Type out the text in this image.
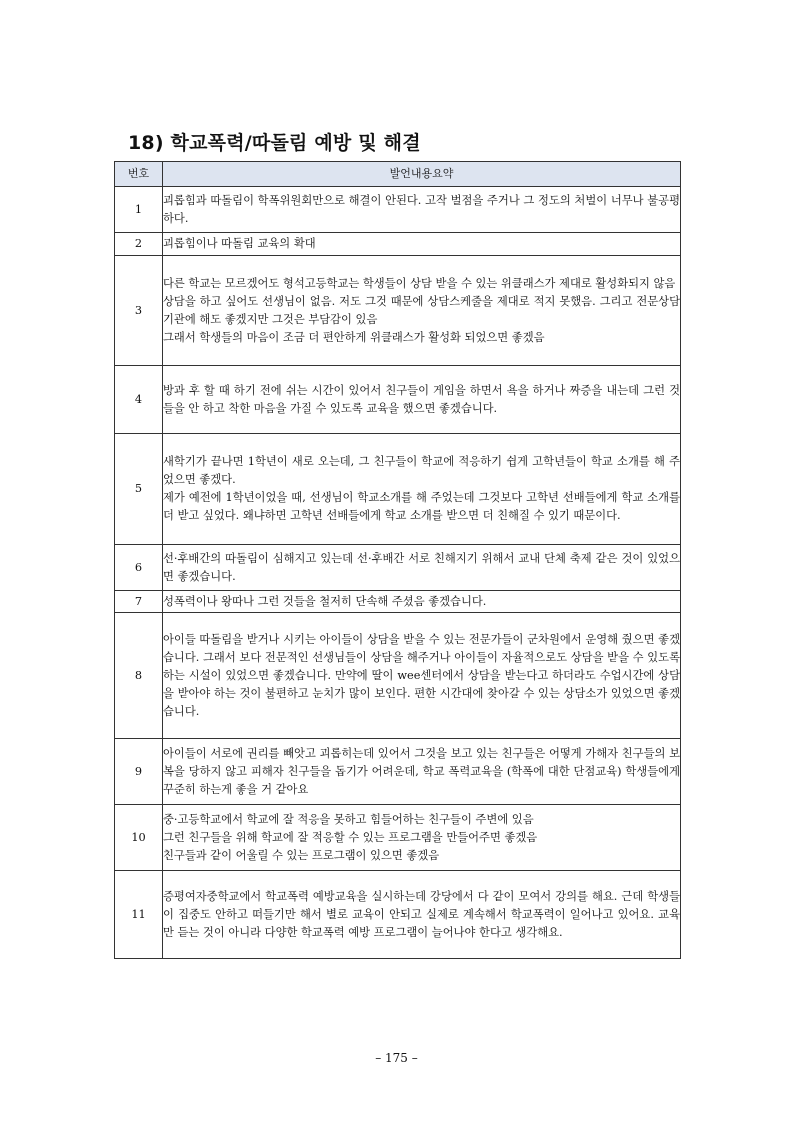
18) 학교폭력/따돌림 예방 및 해결
번호	발언내용요약
1	괴롭힘과 따돌림이 학폭위원회만으로 해결이 안된다. 고작 벌점을 주거나 그 정도의 처벌이 너무나 불공평하다.

2	괴롭힘이나 따돌림 교육의 확대

3	다른 학교는 모르겠어도 형석고등학교는 학생들이 상담 받을 수 있는 위클래스가 제대로 활성화되지 않음

상담을 하고 싶어도 선생님이 없음. 저도 그것 때문에 상담스케줄을 제대로 적지 못했음. 그리고 전문상담기관에 해도 좋겠지만 그것은 부담감이 있음

그래서 학생들의 마음이 조금 더 편안하게 위클래스가 활성화 되었으면 좋겠음

4	방과 후 할 때 하기 전에 쉬는 시간이 있어서 친구들이 게임을 하면서 욕을 하거나 짜증을 내는데 그런 것들을 안 하고 착한 마음을 가질 수 있도록 교육을 했으면 좋겠습니다.

5	새학기가 끝나면 1학년이 새로 오는데, 그 친구들이 학교에 적응하기 쉽게 고학년들이 학교 소개를 해 주었으면 좋겠다.

제가 예전에 1학년이었을 때, 선생님이 학교소개를 해 주었는데 그것보다 고학년 선배들에게 학교 소개를 더 받고 싶었다. 왜냐하면 고학년 선배들에게 학교 소개를 받으면 더 친해질 수 있기 때문이다.

6	선·후배간의 따돌림이 심해지고 있는데 선·후배간 서로 친해지기 위해서 교내 단체 축제 같은 것이 있었으면 좋겠습니다.

7	성폭력이나 왕따나 그런 것들을 철저히 단속해 주셨음 좋겠습니다.

8	아이들 따돌림을 받거나 시키는 아이들이 상담을 받을 수 있는 전문가들이 군차원에서 운영해 줬으면 좋겠습니다. 그래서 보다 전문적인 선생님들이 상담을 해주거나 아이들이 자율적으로도 상담을 받을 수 있도록 하는 시설이 있었으면 좋겠습니다. 만약에 딸이 wee센터에서 상담을 받는다고 하더라도 수업시간에 상담을 받아야 하는 것이 불편하고 눈치가 많이 보인다. 편한 시간대에 찾아갈 수 있는 상담소가 있었으면 좋겠습니다.

9	아이들이 서로에 권리를 빼앗고 괴롭히는데 있어서 그것을 보고 있는 친구들은 어떻게 가해자 친구들의 보복을 당하지 않고 피해자 친구들을 돕기가 어려운데, 학교 폭력교육을 (학폭에 대한 단점교육) 학생들에게 꾸준히 하는게 좋을 거 같아요

10	중·고등학교에서 학교에 잘 적응을 못하고 힘들어하는 친구들이 주변에 있음

그런 친구들을 위해 학교에 잘 적응할 수 있는 프로그램을 만들어주면 좋겠음

친구들과 같이 어울릴 수 있는 프로그램이 있으면 좋겠음

11	증평여자중학교에서 학교폭력 예방교육을 실시하는데 강당에서 다 같이 모여서 강의를 해요. 근데 학생들이 집중도 안하고 떠들기만 해서 별로 교육이 안되고 실제로 계속해서 학교폭력이 일어나고 있어요. 교육만 듣는 것이 아니라 다양한 학교폭력 예방 프로그램이 늘어나야 한다고 생각해요.

– 175 –
